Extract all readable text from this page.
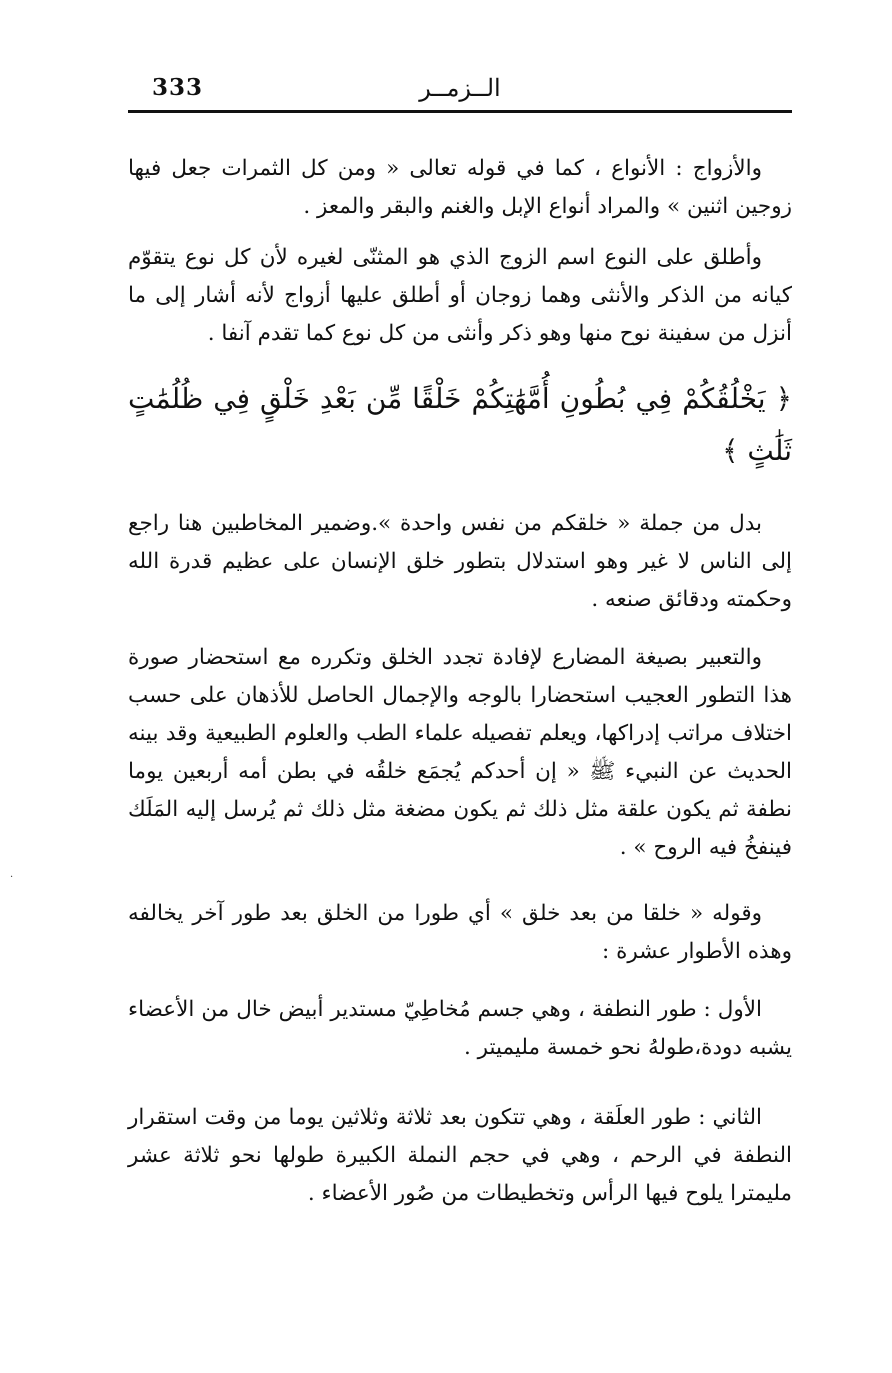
333	الــزمــر

والأزواج : الأنواع ، كما في قوله تعالى « ومن كل الثمرات جعل فيها زوجين اثنين » والمراد أنواع الإبل والغنم والبقر والمعز .

وأطلق على النوع اسم الزوج الذي هو المثنّى لغيره لأن كل نوع يتقوّم كيانه من الذكر والأنثى وهما زوجان أو أطلق عليها أزواج لأنه أشار إلى ما أنزل من سفينة نوح منها وهو ذكر وأنثى من كل نوع كما تقدم آنفا .

﴿ يَخْلُقُكُمْ فِي بُطُونِ أُمَّهَٰتِكُمْ خَلْقًا مِّن بَعْدِ خَلْقٍ فِي ظُلُمَٰتٍ ثَلَٰثٍ ﴾

بدل من جملة « خلقكم من نفس واحدة ».وضمير المخاطبين هنا راجع إلى الناس لا غير وهو استدلال بتطور خلق الإنسان على عظيم قدرة الله وحكمته ودقائق صنعه .

والتعبير بصيغة المضارع لإفادة تجدد الخلق وتكرره مع استحضار صورة هذا التطور العجيب استحضارا بالوجه والإجمال الحاصل للأذهان على حسب اختلاف مراتب إدراكها، ويعلم تفصيله علماء الطب والعلوم الطبيعية وقد بينه الحديث عن النبيء ﷺ « إن أحدكم يُجمَع خلقُه في بطن أمه أربعين يوما نطفة ثم يكون علقة مثل ذلك ثم يكون مضغة مثل ذلك ثم يُرسل إليه المَلَك فينفخُ فيه الروح » .

وقوله « خلقا من بعد خلق » أي طورا من الخلق بعد طور آخر يخالفه وهذه الأطوار عشرة :

الأول : طور النطفة ، وهي جسم مُخاطِيّ مستدير أبيض خال من الأعضاء يشبه دودة،طولهُ نحو خمسة مليميتر .

الثاني : طور العلَقة ، وهي تتكون بعد ثلاثة وثلاثين يوما من وقت استقرار النطفة في الرحم ، وهي في حجم النملة الكبيرة طولها نحو ثلاثة عشر مليمترا يلوح فيها الرأس وتخطيطات من صُور الأعضاء .

·
